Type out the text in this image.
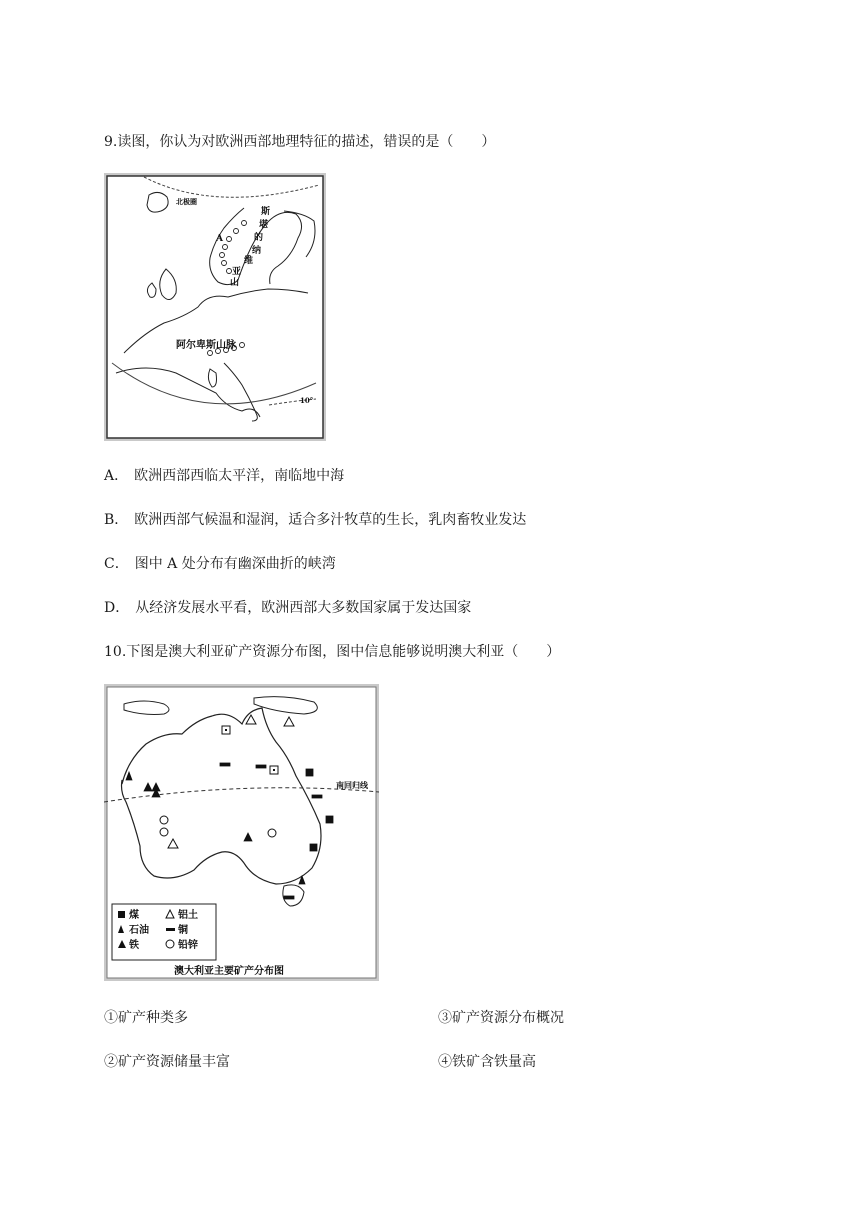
9.读图，你认为对欧洲西部地理特征的描述，错误的是（　　）
北极圈
A
斯
堪
的
纳
维
亚
山
阿尔卑斯山脉
10°
A． 欧洲西部西临太平洋，南临地中海
B． 欧洲西部气候温和湿润，适合多汁牧草的生长，乳肉畜牧业发达
C． 图中 A 处分布有幽深曲折的峡湾
D． 从经济发展水平看，欧洲西部大多数国家属于发达国家
10.下图是澳大利亚矿产资源分布图，图中信息能够说明澳大利亚（　　）
南回归线
煤	铝土
石油	铜
铁	铅锌
澳大利亚主要矿产分布图
①矿产种类多	③矿产资源分布概况
②矿产资源储量丰富	④铁矿含铁量高
